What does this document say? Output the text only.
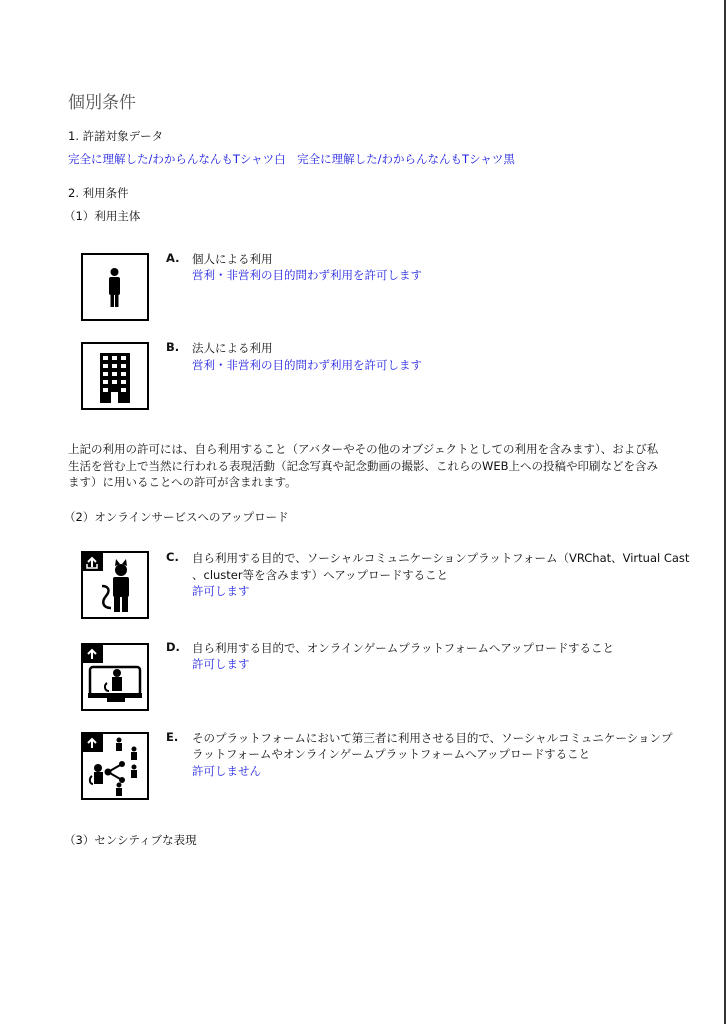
個別条件
1. 許諾対象データ
完全に理解した/わからんなんもTシャツ白　完全に理解した/わからんなんもTシャツ黒
2. 利用条件
（1）利用主体
A. 個人による利用
営利・非営利の目的問わず利用を許可します
B. 法人による利用
営利・非営利の目的問わず利用を許可します
上記の利用の許可には、自ら利用すること（アバターやその他のオブジェクトとしての利用を含みます）、および私生活を営む上で当然に行われる表現活動（記念写真や記念動画の撮影、これらのWEB上への投稿や印刷などを含みます）に用いることへの許可が含まれます。
（2）オンラインサービスへのアップロード
C. 自ら利用する目的で、ソーシャルコミュニケーションプラットフォーム（VRChat、Virtual Cast
、cluster等を含みます）へアップロードすること
許可します
D. 自ら利用する目的で、オンラインゲームプラットフォームへアップロードすること
許可します
E. そのプラットフォームにおいて第三者に利用させる目的で、ソーシャルコミュニケーションプ
ラットフォームやオンラインゲームプラットフォームへアップロードすること
許可しません
（3）センシティブな表現
